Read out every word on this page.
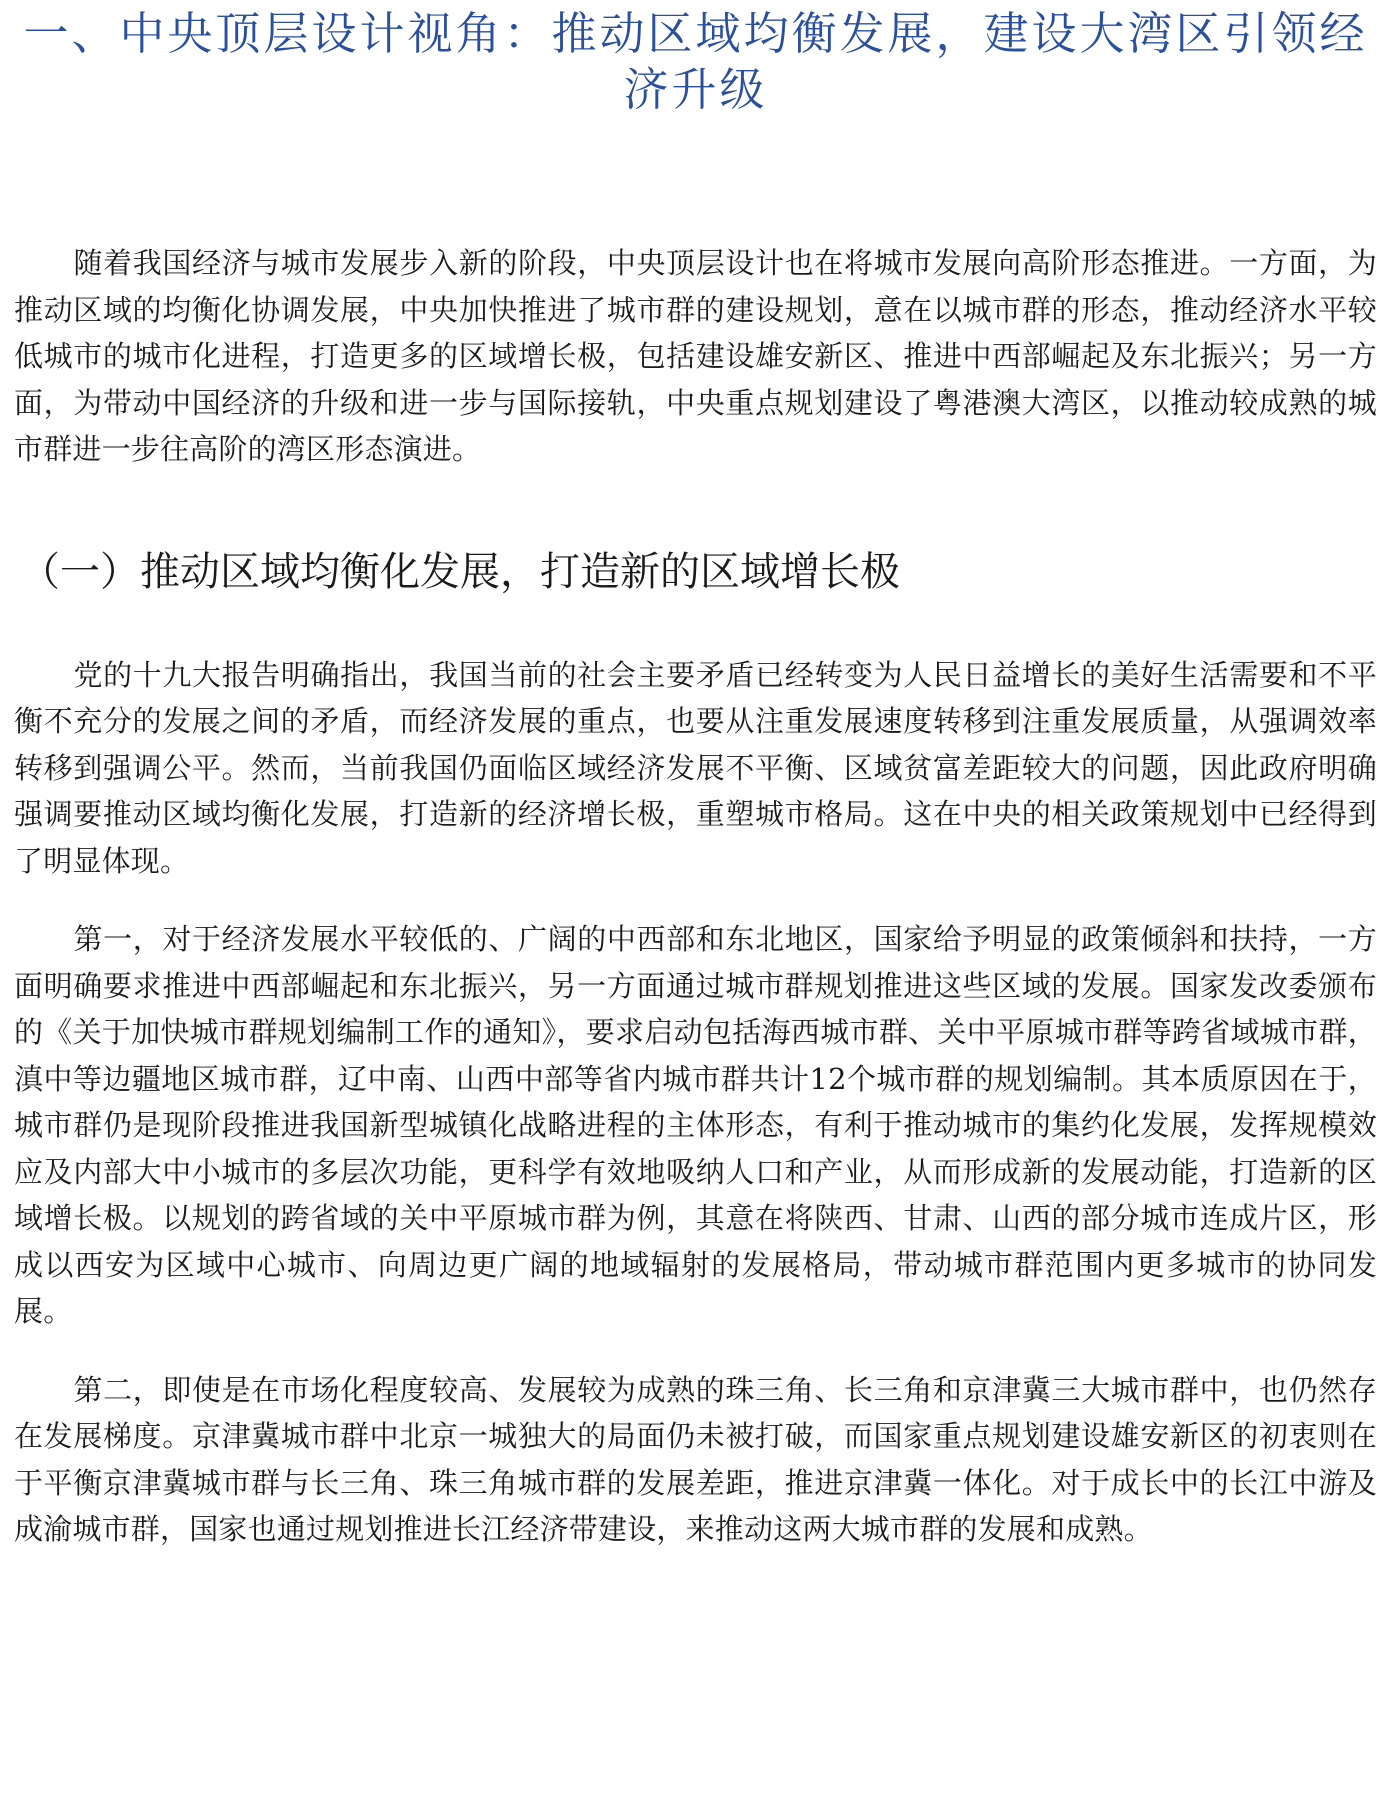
一、中央顶层设计视角：推动区域均衡发展，建设大湾区引领经济升级

随着我国经济与城市发展步入新的阶段，中央顶层设计也在将城市发展向高阶形态推进。一方面，为推动区域的均衡化协调发展，中央加快推进了城市群的建设规划，意在以城市群的形态，推动经济水平较低城市的城市化进程，打造更多的区域增长极，包括建设雄安新区、推进中西部崛起及东北振兴；另一方面，为带动中国经济的升级和进一步与国际接轨，中央重点规划建设了粤港澳大湾区，以推动较成熟的城市群进一步往高阶的湾区形态演进。

（一）推动区域均衡化发展，打造新的区域增长极

党的十九大报告明确指出，我国当前的社会主要矛盾已经转变为人民日益增长的美好生活需要和不平衡不充分的发展之间的矛盾，而经济发展的重点，也要从注重发展速度转移到注重发展质量，从强调效率转移到强调公平。然而，当前我国仍面临区域经济发展不平衡、区域贫富差距较大的问题，因此政府明确强调要推动区域均衡化发展，打造新的经济增长极，重塑城市格局。这在中央的相关政策规划中已经得到了明显体现。

第一，对于经济发展水平较低的、广阔的中西部和东北地区，国家给予明显的政策倾斜和扶持，一方面明确要求推进中西部崛起和东北振兴，另一方面通过城市群规划推进这些区域的发展。国家发改委颁布的《关于加快城市群规划编制工作的通知》，要求启动包括海西城市群、关中平原城市群等跨省域城市群，滇中等边疆地区城市群，辽中南、山西中部等省内城市群共计12个城市群的规划编制。其本质原因在于，城市群仍是现阶段推进我国新型城镇化战略进程的主体形态，有利于推动城市的集约化发展，发挥规模效应及内部大中小城市的多层次功能，更科学有效地吸纳人口和产业，从而形成新的发展动能，打造新的区域增长极。以规划的跨省域的关中平原城市群为例，其意在将陕西、甘肃、山西的部分城市连成片区，形成以西安为区域中心城市、向周边更广阔的地域辐射的发展格局，带动城市群范围内更多城市的协同发展。

第二，即使是在市场化程度较高、发展较为成熟的珠三角、长三角和京津冀三大城市群中，也仍然存在发展梯度。京津冀城市群中北京一城独大的局面仍未被打破，而国家重点规划建设雄安新区的初衷则在于平衡京津冀城市群与长三角、珠三角城市群的发展差距，推进京津冀一体化。对于成长中的长江中游及成渝城市群，国家也通过规划推进长江经济带建设，来推动这两大城市群的发展和成熟。
